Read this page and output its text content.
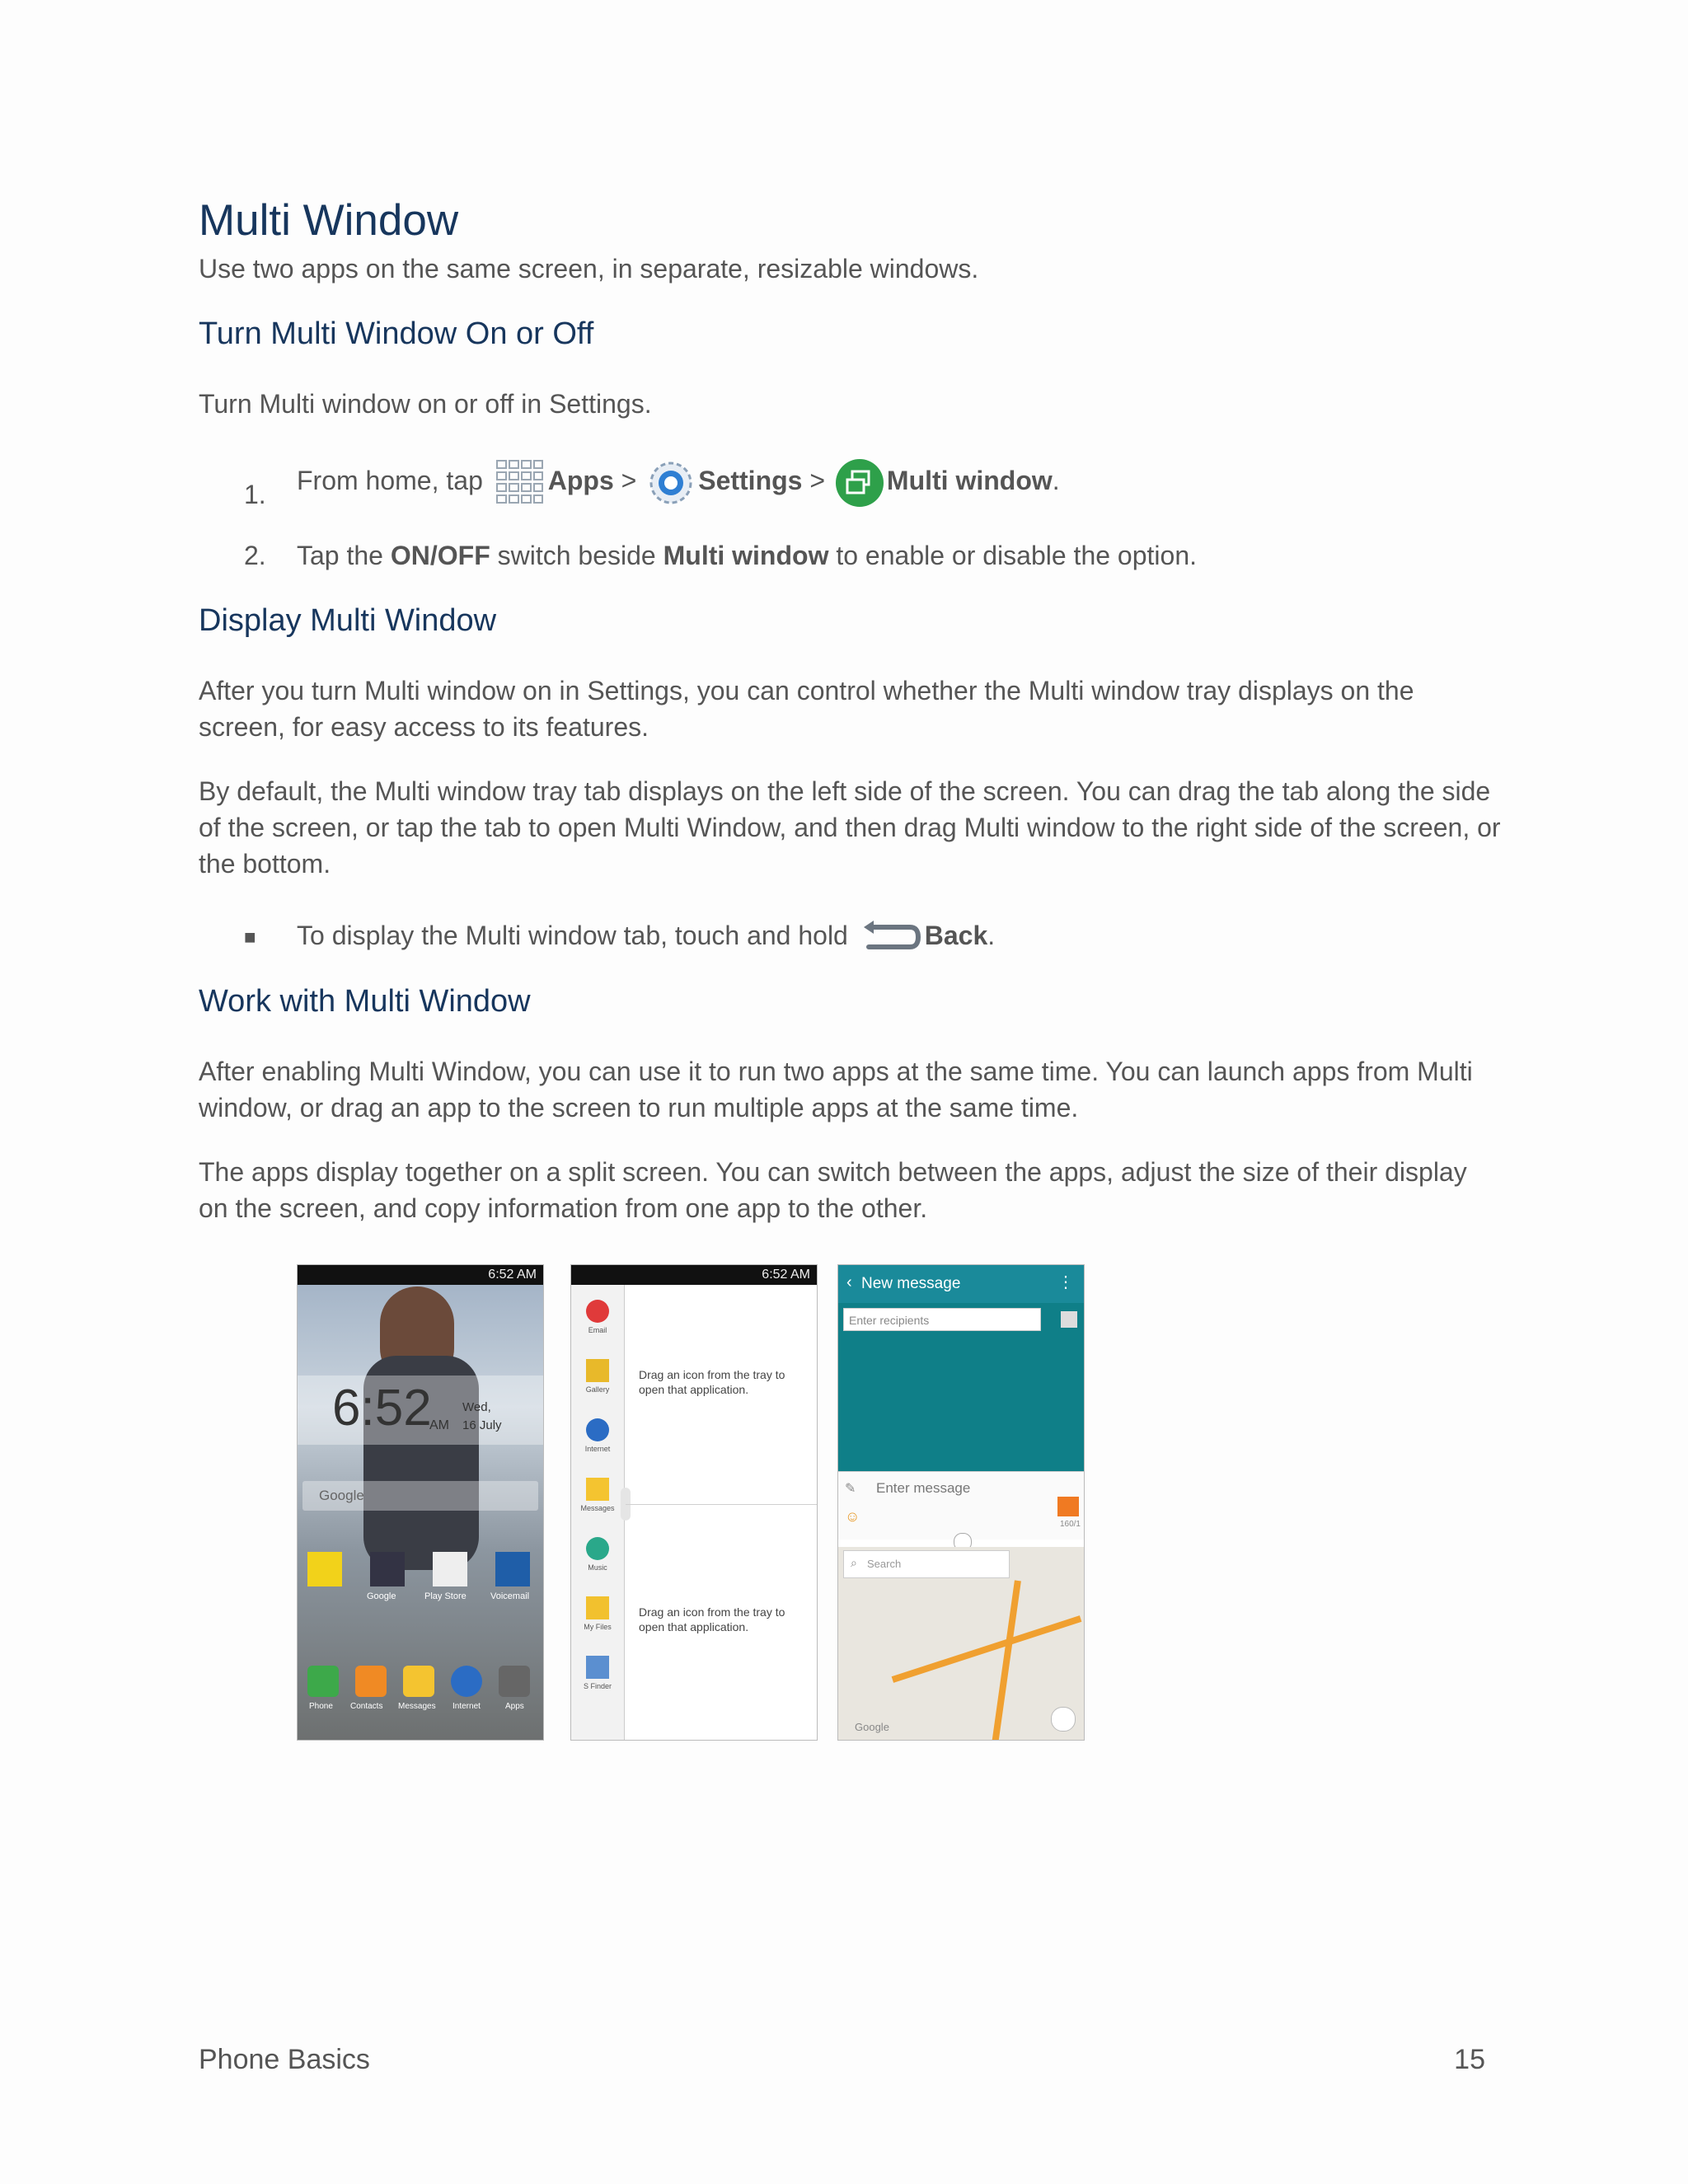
Multi Window
Use two apps on the same screen, in separate, resizable windows.
Turn Multi Window On or Off
Turn Multi window on or off in Settings.
1. From home, tap Apps > Settings > Multi window.
2. Tap the ON/OFF switch beside Multi window to enable or disable the option.
Display Multi Window
After you turn Multi window on in Settings, you can control whether the Multi window tray displays on the screen, for easy access to its features.
By default, the Multi window tray tab displays on the left side of the screen. You can drag the tab along the side of the screen, or tap the tab to open Multi Window, and then drag Multi window to the right side of the screen, or the bottom.
■ To display the Multi window tab, touch and hold	Back.
Work with Multi Window
After enabling Multi Window, you can use it to run two apps at the same time. You can launch apps from Multi window, or drag an app to the screen to run multiple apps at the same time.
The apps display together on a split screen. You can switch between the apps, adjust the size of their display on the screen, and copy information from one app to the other.
6:52 AM
6:52
AM
Wed,
16 July
Google
Google	Play Store	Voicemail
Phone Contacts Messages Internet	Apps
6:52 AM
Email
Gallery
Internet
Messages
Music
My Files
S Finder
Drag an icon from the tray to open that application.
Drag an icon from the tray to open that application.
‹ New message	⋮
Enter recipients
✎
☺
Enter message
160/1
⌕ Search
Google
Phone Basics	15
